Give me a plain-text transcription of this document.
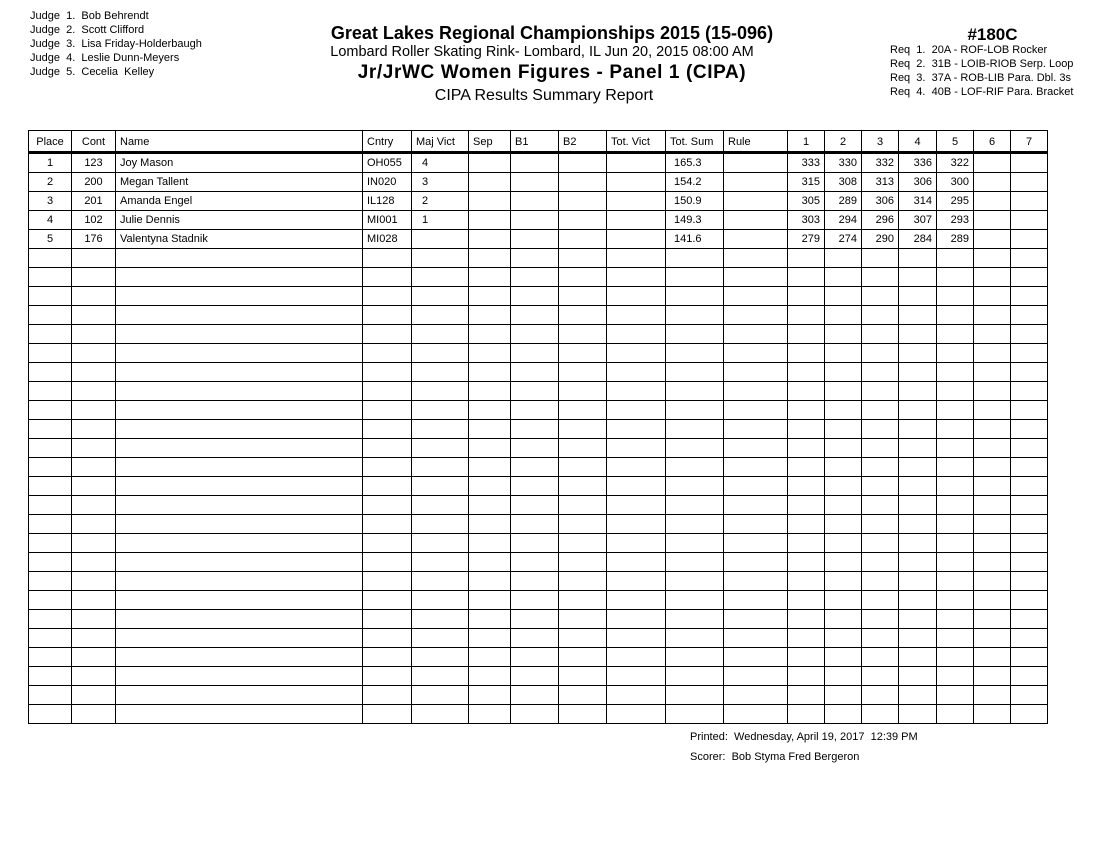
Judge  1.  Bob Behrendt
Judge  2.  Scott Clifford
Judge  3.  Lisa Friday-Holderbaugh
Judge  4.  Leslie Dunn-Meyers
Judge  5.  Cecelia  Kelley
Great Lakes Regional Championships 2015 (15-096)
Lombard Roller Skating Rink- Lombard, IL Jun 20, 2015 08:00 AM
Jr/JrWC Women Figures - Panel 1 (CIPA)
CIPA Results Summary Report
#180C
Req  1.  20A - ROF-LOB Rocker
Req  2.  31B - LOIB-RIOB Serp. Loop
Req  3.  37A - ROB-LIB Para. Dbl. 3s
Req  4.  40B - LOF-RIF Para. Bracket
Place	Cont	Name	Cntry	Maj Vict	Sep	B1	B2	Tot. Vict	Tot. Sum	Rule	1	2	3	4	5	6	7
1	123	Joy Mason	OH055	4					165.3		333	330	332	336	322		
2	200	Megan Tallent	IN020	3					154.2		315	308	313	306	300		
3	201	Amanda Engel	IL128	2					150.9		305	289	306	314	295		
4	102	Julie Dennis	MI001	1					149.3		303	294	296	307	293		
5	176	Valentyna Stadnik	MI028						141.6		279	274	290	284	289		

Printed:  Wednesday, April 19, 2017  12:39 PM
Scorer:  Bob Styma Fred Bergeron
